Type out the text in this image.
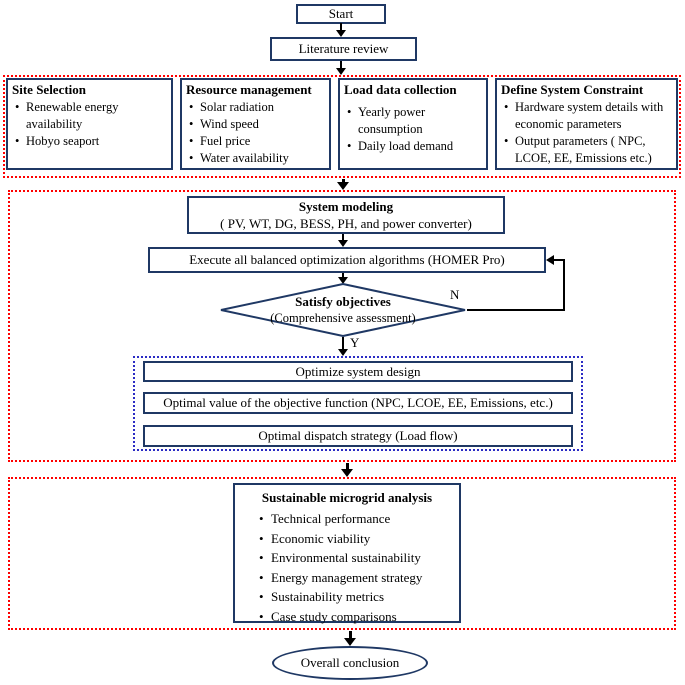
Start
Literature review
Site Selection
• Renewable energy availability
• Hobyo seaport
Resource management
• Solar radiation
• Wind speed
• Fuel price
• Water availability
Load data collection
• Yearly power consumption
• Daily load demand
Define System Constraint
• Hardware system details with economic parameters
• Output parameters ( NPC, LCOE, EE, Emissions etc.)
System modeling
( PV, WT, DG, BESS, PH, and power converter)
Execute all balanced optimization algorithms (HOMER Pro)
Satisfy objectives
(Comprehensive assessment)
N
Y
Optimize system design
Optimal value of the objective function (NPC, LCOE, EE, Emissions, etc.)
Optimal dispatch strategy (Load flow)
Sustainable microgrid analysis
• Technical performance
• Economic viability
• Environmental sustainability
• Energy management strategy
• Sustainability metrics
• Case study comparisons
Overall conclusion
